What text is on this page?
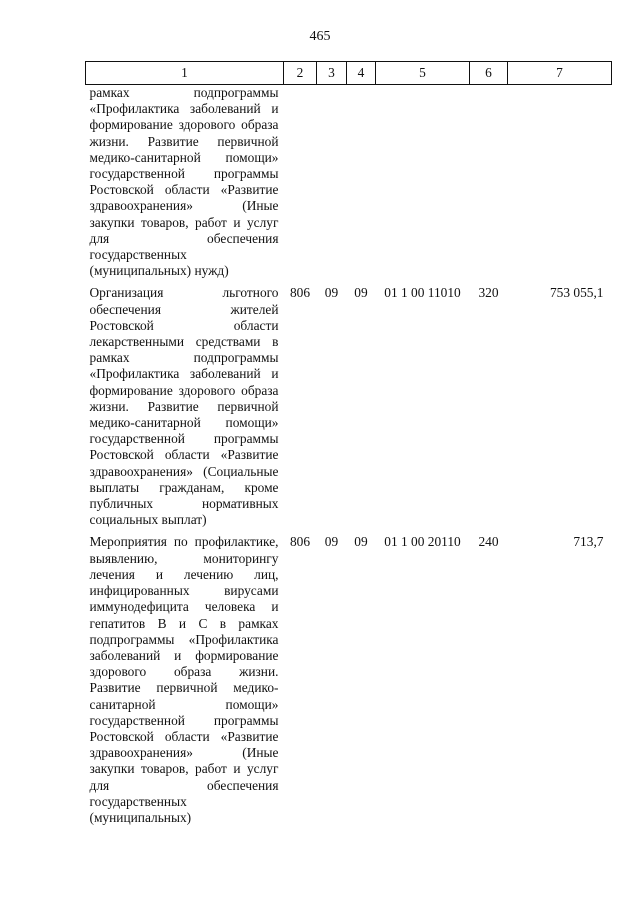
465
1	2	3	4	5	6	7
рамках подпрограммы «Профилактика заболеваний и формирование здорового образа жизни. Развитие первичной медико-санитарной помощи» государственной программы Ростовской области «Развитие здравоохранения» (Иные закупки товаров, работ и услуг для обеспечения государственных (муниципальных) нужд)						
Организация льготного обеспечения жителей Ростовской области лекарственными средствами в рамках подпрограммы «Профилактика заболеваний и формирование здорового образа жизни. Развитие первичной медико-санитарной помощи» государственной программы Ростовской области «Развитие здравоохранения» (Социальные выплаты гражданам, кроме публичных нормативных социальных выплат)	806	09	09	01 1 00 11010	320	753 055,1
Мероприятия по профилактике, выявлению, мониторингу лечения и лечению лиц, инфицированных вирусами иммунодефицита человека и гепатитов B и C в рамках подпрограммы «Профилактика заболеваний и формирование здорового образа жизни. Развитие первичной медико-санитарной помощи» государственной программы Ростовской области «Развитие здравоохранения» (Иные закупки товаров, работ и услуг для обеспечения государственных (муниципальных)	806	09	09	01 1 00 20110	240	713,7
